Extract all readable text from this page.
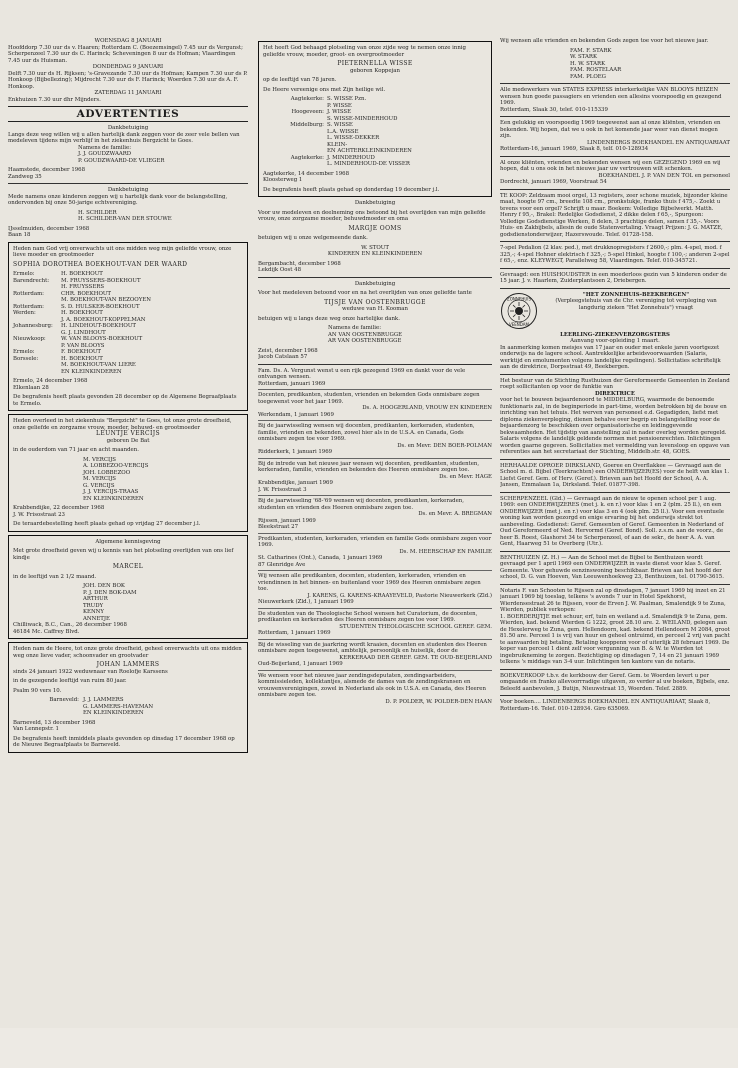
WOENSDAG 8 JANUARI

Hoofddorp 7.30 uur ds v. Haaren; Rotterdam C. (Boezemsingel) 7.45 uur ds Vergunst; Scherpenzeel 7.30 uur ds C. Harinck; Scheveningen 8 uur ds Hofman; Vlaardingen 7.45 uur ds Huisman.

DONDERDAG 9 JANUARI

Delft 7.30 uur ds H. Rijksen; 's-Gravezande 7.30 uur ds Hofman; Kampen 7.30 uur ds P. Honkoop (Bijbellezing); Mijdrecht 7.30 uur ds F. Harinck; Woerden 7.30 uur ds A. F. Honkoop.

ZATERDAG 11 JANUARI

Enkhuizen 7.30 uur dhr Mijnders.

ADVERTENTIES

Dankbetuiging

Langs deze weg willen wij u allen hartelijk dank zeggen voor de zeer vele bellen van medeleven tijdens mijn verblijf in het ziekenhuis Bergzicht te Goes.

Namens de familie:

J. J. GOUDZWAARD

P. GOUDZWAARD-DE VLIEGER

Haamstede, december 1968

Zandweg 35

Dankbetuiging

Mede namens onze kinderen zeggen wij u hartelijk dank voor de belangstelling, ondervonden bij onze 50-jarige echtvereniging.

H. SCHILDER

H. SCHILDER-VAN DER STOUWE

IJsselmuiden, december 1968

Baan 18

Heden nam God vrij onverwachts uit ons midden weg mijn geliefde vrouw, onze lieve moeder en grootmoeder

SOPHIA DOROTHEA BOEKHOUT-VAN DER WAARD

Ermelo:	H. BOEKHOUT
Barendrecht:	M. FRUYSSERS-BOEKHOUT
H. FRUYSSERS
Rotterdam:	CHR. BOEKHOUT
M. BOEKHOUT-VAN BEZOOYEN
Rotterdam:	S. D. HULSKER-BOEKHOUT
Werden:	H. BOEKHOUT
J. A. BOEKHOUT-KOPPELMAN
Johannesburg:	H. LINDHOUT-BOEKHOUT
G. J. LINDHOUT
Nieuwkoop:	W. VAN BLOOYS-BOEKHOUT
P. VAN BLOOYS
Ermelo:	F. BOEKHOUT
Borssele:	H. BOEKHOUT
M. BOEKHOUT-VAN LIERE
EN KLEINKINDEREN

Ermelo, 24 december 1968

Elkenlaan 28

De begrafenis heeft plaats gevonden 28 december op de Algemene Begraafplaats te Ermelo.

Heden overleed in het ziekenhuis "Bergzicht" te Goes, tot onze grote droefheid, onze geliefde en zorgzame vrouw, moeder, behuwd- en grootmoeder

LEUNTJE VERCIJS

geboren De Bat

in de ouderdom van 71 jaar en acht maanden.

M. VERCIJS

A. LOBBEZOO-VERCIJS

JOH. LOBBEZOO

M. VERCIJS

G. VERCIJS

J. J. VERCIJS-TRAAS

EN KLEINKINDEREN

Krabbendijke, 22 december 1968

J. W. Frisostraat 23

De teraardebestelling heeft plaats gehad op vrijdag 27 december j.l.

Algemene kennisgeving

Met grote droefheid geven wij u kennis van het plotseling overlijden van ons lief kindje

MARCEL

in de leeftijd van 2 1/2 maand.

JOH. DEN BOK

P. J. DEN BOK-DAM

ARTHUR

TRUDY

KENNY

ANNETJE

Chilliwack, B.C., Can., 26 december 1968

46184 Mc. Caffrey Blvd.

Heden nam de Heere, tot onze grote droefheid, geheel onverwachts uit ons midden weg onze lieve vader, schoonvader en grootvader

JOHAN LAMMERS

sinds 24 januari 1922 weduwnaar van Roelofje Karssens

in de gezegende leeftijd van ruim 80 jaar.

Psalm 90 vers 10.

Barneveld: J. J. LAMMERS

G. LAMMERS-HAVEMAN

EN KLEINKINDEREN

Barneveld, 13 december 1968

Van Lennepstr. 1

De begrafenis heeft inmiddels plaats gevonden op dinsdag 17 december 1968 op de Nieuwe Begraafplaats te Barneveld.

Het heeft God behaagd plotseling van onze zijde weg te nemen onze innig geliefde vrouw, moeder, groot- en overgrootmoeder

PIETERNELLA WISSE

geboren Koppejan

op de leeftijd van 78 jaren.

De Heere vereenige ons met Zijn heilige wil.

Aagtekerke: S. WISSE Pzn.
P. WISSE
Hoogeveen: J. WISSE
S. WISSE-MINDERHOUD
Middelburg: S. WISSE
L.A. WISSE
L. WISSE-DEKKER
KLEIN-
EN ACHTERKLEINKINDEREN
Aagtekerke: J. MINDERHOUD
L. MINDERHOUD-DE VISSER

Aagtekerke, 14 december 1968

Kloosterweg 1

De begrafenis heeft plaats gehad op donderdag 19 december j.l.

Dankbetuiging

Voor uw medeleven en deelneming ons betoond bij het overlijden van mijn geliefde vrouw, onze zorgzame moeder, behuwdmoeder en oma

MARGJE OOMS

betuigen wij u onze welgemeende dank.

W. STOUT

KINDEREN EN KLEINKINDEREN

Bergambacht, december 1968

Lekdijk Oost 48

Dankbetuiging

Voor het medeleven betoond voor en na het overlijden van onze geliefde tante

TIJSJE VAN OOSTENBRUGGE

weduwe van H. Kooman

betuigen wij u langs deze weg onze hartelijke dank.

Namens de familie:

AN VAN OOSTENBRUGGE

AR VAN OOSTENBRUGGE

Zeist, december 1968

Jacob Catslaan 57

Fam. Ds. A. Vergunst wenst u een rijk gezegend 1969 en dankt voor de vele ontvangen wensen.

Rotterdam, januari 1969

Docenten, predikanten, studenten, vrienden en bekenden Gods onmisbare zegen toegewenst voor het jaar 1969.

Ds. A. HOOGERLAND, VROUW EN KINDEREN

Werkendam, 1 januari 1969

Bij de jaarwisseling wensen wij docenten, predikanten, kerkeraden, studenten, familie, vrienden en bekenden, zowel hier als in de U.S.A. en Canada, Gods onmisbare zegen toe voor 1969.

Ds. en Mevr. DEN BOER-POLMAN

Ridderkerk, 1 januari 1969

Bij de intrede van het nieuwe jaar wensen wij docenten, predikanten, studenten, kerkeraden, familie, vrienden en bekenden des Heeren onmisbare zegen toe.

Ds. en Mevr. HAGE

Krabbendijke, januari 1969

J. W. Frisostraat 3

Bij de jaarwisseling '68-'69 wensen wij docenten, predikanten, kerkeraden, studenten en vrienden des Heeren onmisbare zegen toe.

Ds. en Mevr. A. BREGMAN

Rijssen, januari 1969

Bleekstraat 27

Predikanten, studenten, kerkeraden, vrienden en familie Gods onmisbare zegen voor 1969.

Ds. M. HEERSCHAP EN FAMILIE

St. Catharines (Ont.), Canada, 1 januari 1969

87 Glenridge Ave

Wij wensen alle predikanten, docenten, studenten, kerkeraden, vrienden en vriendinnen in het binnen- en buitenland voor 1969 des Heeren onmisbare zegen toe.

J. KARENS, G. KARENS-KRAAYEVELD, Pastorie Nieuwerkerk (Zld.)

Nieuwerkerk (Zld.), 1 januari 1969

De studenten van de Theologische School wensen het Curatorium, de docenten, predikanten en kerkeraden des Heeren onmisbare zegen toe voor 1969.

STUDENTEN THEOLOGISCHE SCHOOL GEREF. GEM.

Rotterdam, 1 januari 1969

Bij de wisseling van de jaarkring wordt kraaien, docenten en studenten des Heeren onmisbare zegen toegewenst, ambtelijk, persoonlijk en huiselijk, door de

KERKERAAD DER GEREF. GEM. TE OUD-BEIJERLAND

Oud-Beijerland, 1 januari 1969

We wensen voor het nieuwe jaar zendingsdeputaten, zendingsarbeiders, kommissieleden, kollektantjes, alsmede de dames van de zendingskransen en vrouwenverenigingen, zowel in Nederland als ook in U.S.A. en Canada, des Heeren onmisbare zegen toe.

D. P. POLDER, W. POLDER-DEN HAAN

Wij wensen alle vrienden en bekenden Gods zegen toe voor het nieuwe jaar.

FAM. F. STARK

W. STARK

H. W. STARK

FAM. ROSTELAAR

FAM. PLOEG

Alle medewerkers van STATES EXPRESS interkerkelijke VAN BLOOYS REIZEN wensen hun goede passagiers en vrienden een allesins voorspoedig en gezegend 1969.

Rotterdam, Slaak 30, telef. 010-115339

Een gelukkig en voorspoedig 1969 toegewenst aan al onze kliënten, vrienden en bekenden. Wij hopen, dat we u ook in het komende jaar weer van dienst mogen zijn.

LINDENBERGS BOEKHANDEL EN ANTIQUARIAAT

Rotterdam-16, januari 1969, Slaak 8, telf. 010-128934

Al onze kliënten, vrienden en bekenden wensen wij een GEZEGEND 1969 en wij hopen, dat u ons ook in het nieuwe jaar uw vertrouwen wilt schenken.

BOEKHANDEL J. P. VAN DEN TOL en personeel

Dordrecht, januari 1969, Voorstraat 54

TE KOOP: Zeldzaam mooi orgel, 13 registers, zeer schone muziek, bijzonder kleine maat, hoogte 97 cm., breedte 108 cm., pronkstukje, franko thuis f 475,-. Zoekt u tevens voor een orgel? Schrijft u maar. Boekem: Volledige Bijbelwerkt. Matth. Henry f 95,-, Brakel: Redelijke Godsdienst, 2 dikke delen f 65,-, Spurgeon: Volledige Godsdienstige Werken, 8 delen, 3 prachtige delen, samen f 35,-. Voors Huis- en Zakbijbels, allesin de oude Statenvertaling. Vraagt Prijzen: J. G. MATZE, godsdienstonderwijzer, Hazerswoude. Telef. 01728-158.

7-spel Pedalion (2 klav. ped.), met drukknopregisters f 2600,-; plm. 4-spel, mod. f 325,-; 4-spel Hohner elektrisch f 325,-; 5-spel Hinkel, hoogte f 100,-; anderen 2-spel f 65,-, enz. KLEYWEGT, Parallelweg 58, Vlaardingen. Telef. 010-345721.

Gevraagd: een HUISHOUDSTER in een moederloos gezin van 5 kinderen onder de 15 jaar. J. v. Haarlem, Zuiderplantsoen 2, Driebergen.

ZONNEHUIS
VEENDAM

"HET ZONNEHUIS-BEEKBERGEN"

(Verpleegstehuis van de Chr. vereniging tot verpleging van langdurig zieken "Het Zonnehuis") vraagt

LEERLING-ZIEKENVERZORGSTERS

Aanvang voor-opleiding 1 maart.

In aanmerking komen meisjes van 17 jaar en ouder met enkele jaren voortgezet onderwijs na de lagere school. Aantrekkelijke arbeidsvoorwaarden (Salaris, werktijd en emolumenten volgens landelijke regelingen). Sollicitaties schriftelijk aan de direktrice, Dorpsstraat 49, Beekbergen.

Het bestuur van de Stichting Rusthuizen der Gereformeerde Gemeenten in Zeeland roept sollicitanten op voor de funktie van

DIREKTRICE

voor het te bouwen bejaardenoord te MIDDELBURG, waarmede de benoemde funktionaris zal, in de beginperiode in part-time, worden betrokken bij de bouw en inrichting van het tehuis. Het werven van personeel e.d. Gegadigden, liefst met diploma ziekenverpleging, dienen behalve over begrip en belangstelling voor de bejaardenzorg te beschikken over organisatorische en leidinggevende bekwaamheden. Het tijdstip van aanstelling zal in nader overleg worden geregeld. Salaris volgens de landelijk geldende normen met pensioenrechten. Inlichtingen worden gaarne gegeven. Sollicitaties met vermelding van levensloop en opgave van referenties aan het secretariaat der Stichting, Middelb.str. 48, GOES.

HERHAALDE OPROEP. DIRKSLAND, Goeree en Overflakkee — Gevraagd aan de School m. d. Bijbel (Teerkrachten) een ONDERWIJZER(ES) voor de helft van klas 1. Liefst Geref. Gem. of Herv. (Geref.). Brieven aan het Hoofd der School, A. A. Jansen, Emmalaan 1a, Dirksland. Telef. 01877-398.

SCHERPENZEEL (Gld.) — Gevraagd aan de nieuw te openen school per 1 aug. 1969: een ONDERWIJZERES (met j. k. en r.) voor klas 1 en 2 (plm. 25 ll.), en een ONDERWIJZER (met j. en r.) voor klas 3 en 4 (ook plm. 25 ll.). Voor een eventuele woning kan worden gezorgd en enige ervaring bij het onderwijs strekt tot aanbeveling. Godsdienst: Geref. Gemeenten of Geref. Gemeenten in Nederland of Oud Gereformeerd of Ned. Hervormd (Geref. Bond). Soll. z.s.m. aan de voorz., de heer B. Roest, Glashorst 34 te Scherpenzeel, of aan de sekr., de heer A. A. van Gent, Haarweg 51 te Overberg (Utr.).

BENTHUIZEN (Z. H.) — Aan de School met de Bijbel te Benthuizen wordt gevraagd per 1 april 1969 een ONDERWIJZER in vaste dienst voor klas 5. Geref. Gemeente. Voor gehuwde eenzinswoning beschikbaar. Brieven aan het hoofd der school, D. G. van Hoeven, Van Leeuwenhoekweg 23, Benthuizen, tel. 01790-3615.

Notaris F. van Schooten te Rijssen zal op dinsdagen, 7 januari 1969 bij inzet en 21 januari 1969 bij toeslag, telkens 's avonds 7 uur in Hotel Spekhorst, Wierdensestraat 26 te Rijssen, voor de Erven J. W. Paalman, Smalendijk 9 te Zuna, Wierden, publiek verkopen:

1. BOERDERIJTJE met schuur, erf, tuin en weiland a.d. Smalendijk 9 te Zuna, gem. Wierden, kad. bekend Wierden G 1222, groot 28.10 are. 2. WEILAND, gelegen aan de Hexelerweg te Zuna, gem. Hellendoorn, kad. bekend Hellendoorn M 2084, groot 81.50 are. Perceel 1 is vrij van huur en geheel ontruimd, en perceel 2 vrij van pacht te aanvaarden bij betaling. Betaling kooppenn voor of uiterlijk 28 februari 1969. De koper van perceel 1 dient zelf voor vergunning van B. & W. te Wierden tot ingebruikneming te zorgen. Bezichtiging op dinsdagen 7, 14 en 21 januari 1969 telkens 's middags van 3-4 uur. Inlichtingen ten kantore van de notaris.

BOEKVERKOOP t.b.v. de kerkbouw der Geref. Gem. te Woerden levert u per omgaande en franko allevoorrradige uitgaven, zo verder al uw boeken, Bijbels, enz. Beleefd aanbevolen, J. Butijn, Nieuwstraat 15, Woerden. Telef. 2889.

Voor boeken.... LINDENBERGS BOEKHANDEL EN ANTIQUARIAAT, Slaak 8, Rotterdam-16. Telef. 010-128934. Giro 635069.
